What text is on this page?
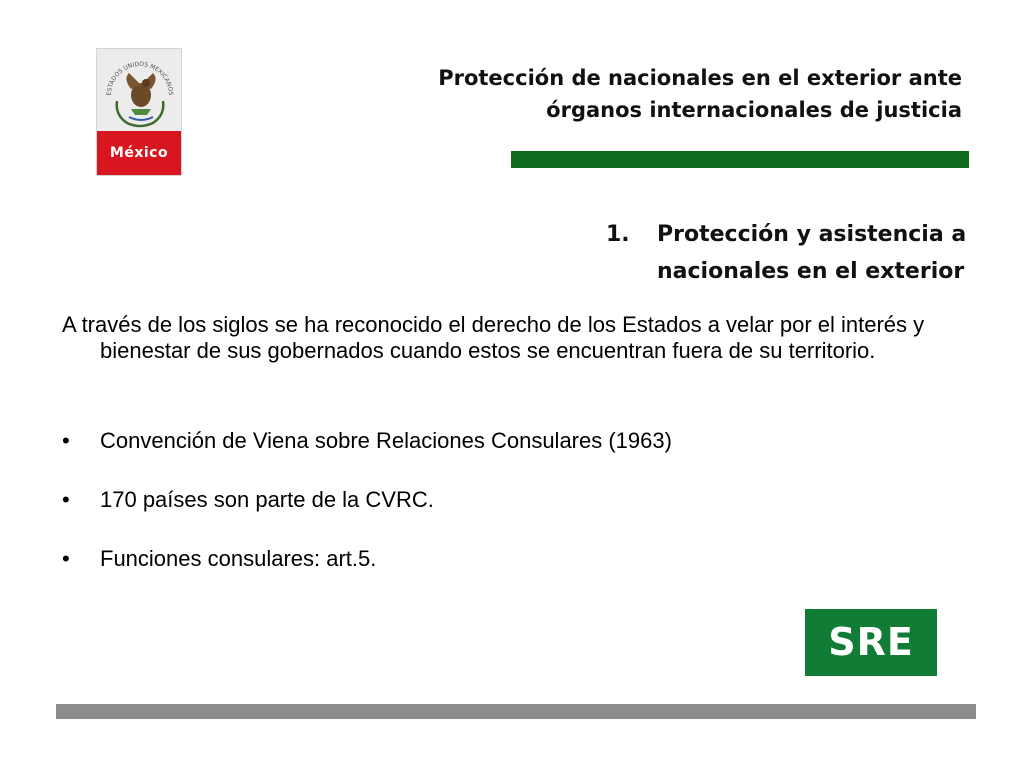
ESTADOS UNIDOS MEXICANOS
México
Protección de nacionales en el exterior ante
órganos internacionales de justicia
1. Protección y asistencia a
nacionales en el exterior
A través de los siglos se ha reconocido el derecho de los Estados a velar por el interés y bienestar de sus gobernados cuando estos se encuentran fuera de su territorio.
• Convención de Viena sobre Relaciones Consulares (1963)
• 170 países son parte de la CVRC.
• Funciones consulares: art.5.
SRE
